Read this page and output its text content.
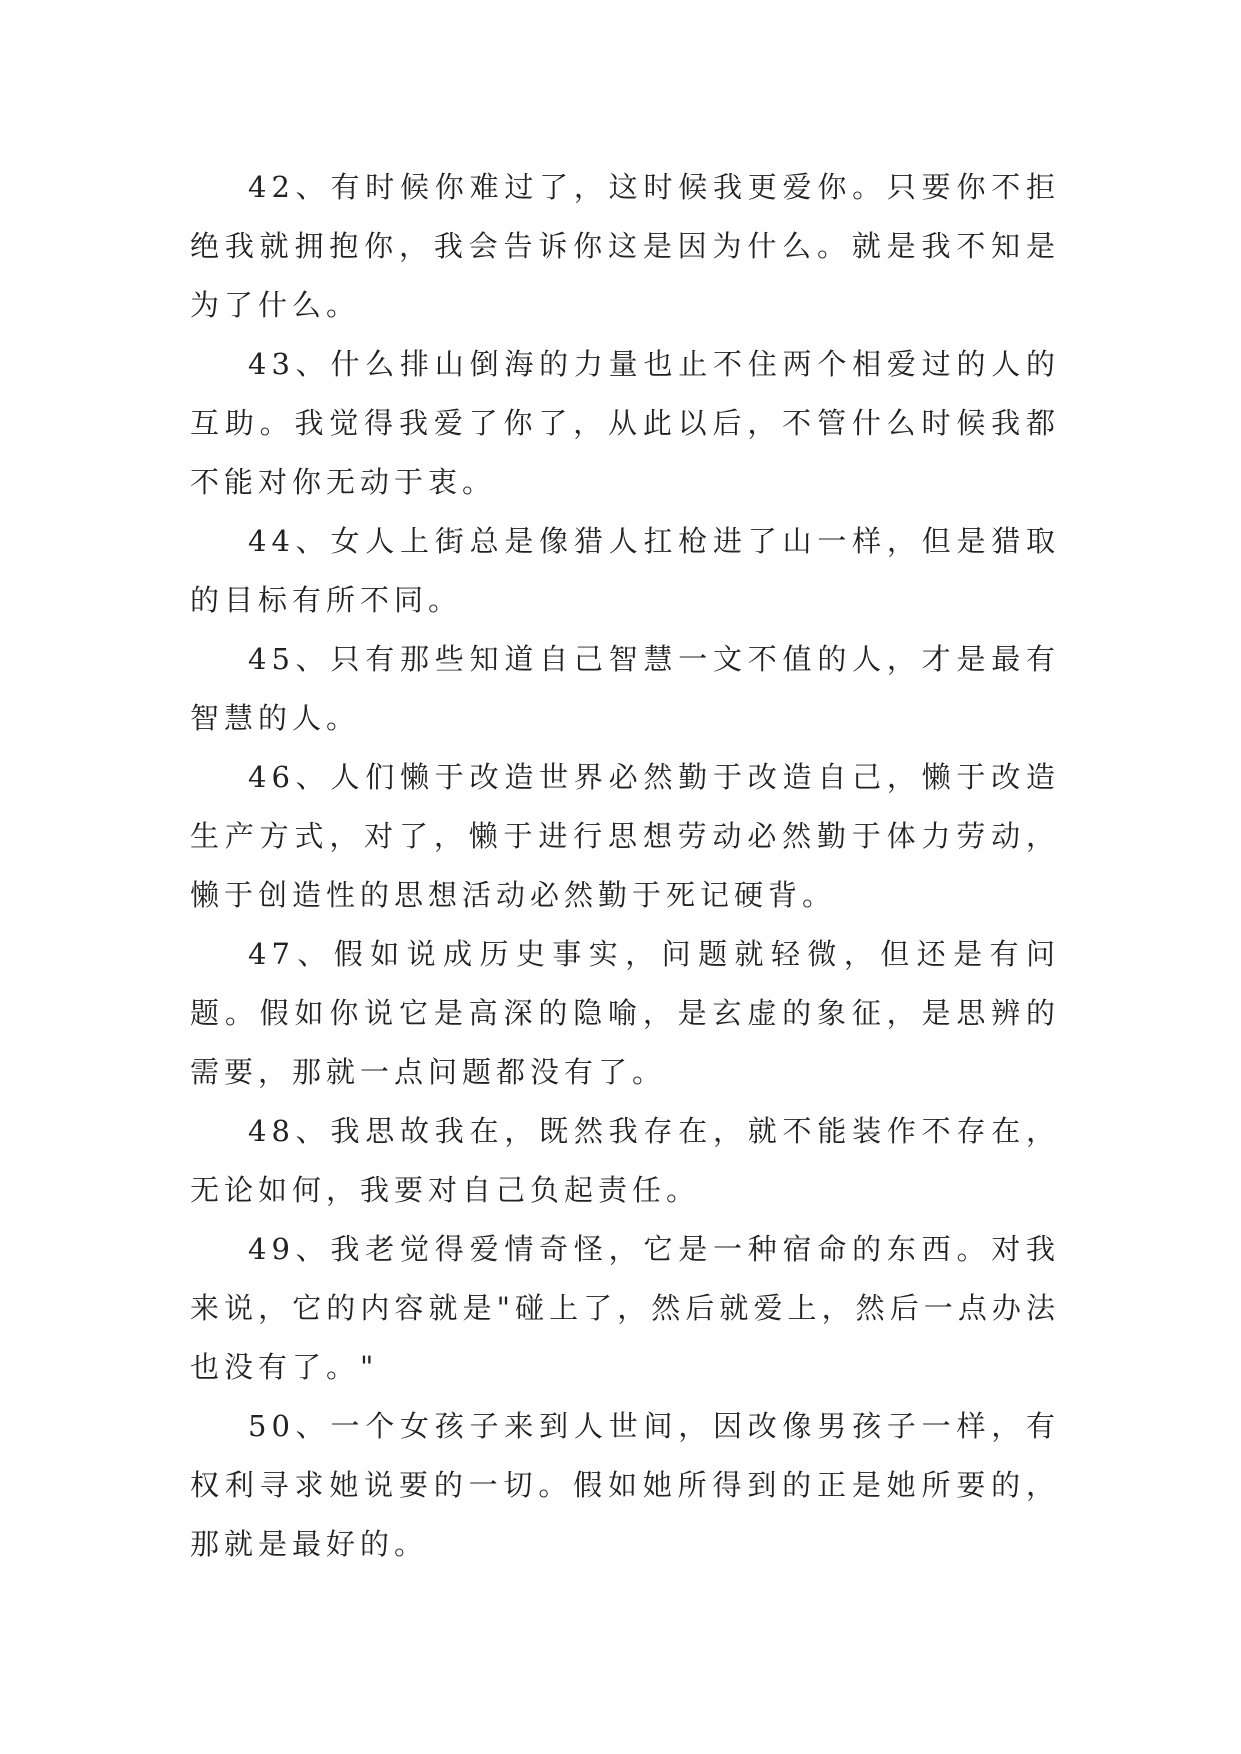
42、有时候你难过了，这时候我更爱你。只要你不拒绝我就拥抱你，我会告诉你这是因为什么。就是我不知是为了什么。

43、什么排山倒海的力量也止不住两个相爱过的人的互助。我觉得我爱了你了，从此以后，不管什么时候我都不能对你无动于衷。

44、女人上街总是像猎人扛枪进了山一样，但是猎取的目标有所不同。

45、只有那些知道自己智慧一文不值的人，才是最有智慧的人。

46、人们懒于改造世界必然勤于改造自己，懒于改造生产方式，对了，懒于进行思想劳动必然勤于体力劳动，懒于创造性的思想活动必然勤于死记硬背。

47、假如说成历史事实，问题就轻微，但还是有问题。假如你说它是高深的隐喻，是玄虚的象征，是思辨的需要，那就一点问题都没有了。

48、我思故我在，既然我存在，就不能装作不存在，无论如何，我要对自己负起责任。

49、我老觉得爱情奇怪，它是一种宿命的东西。对我来说，它的内容就是"碰上了，然后就爱上，然后一点办法也没有了。"

50、一个女孩子来到人世间，因改像男孩子一样，有权利寻求她说要的一切。假如她所得到的正是她所要的，那就是最好的。
